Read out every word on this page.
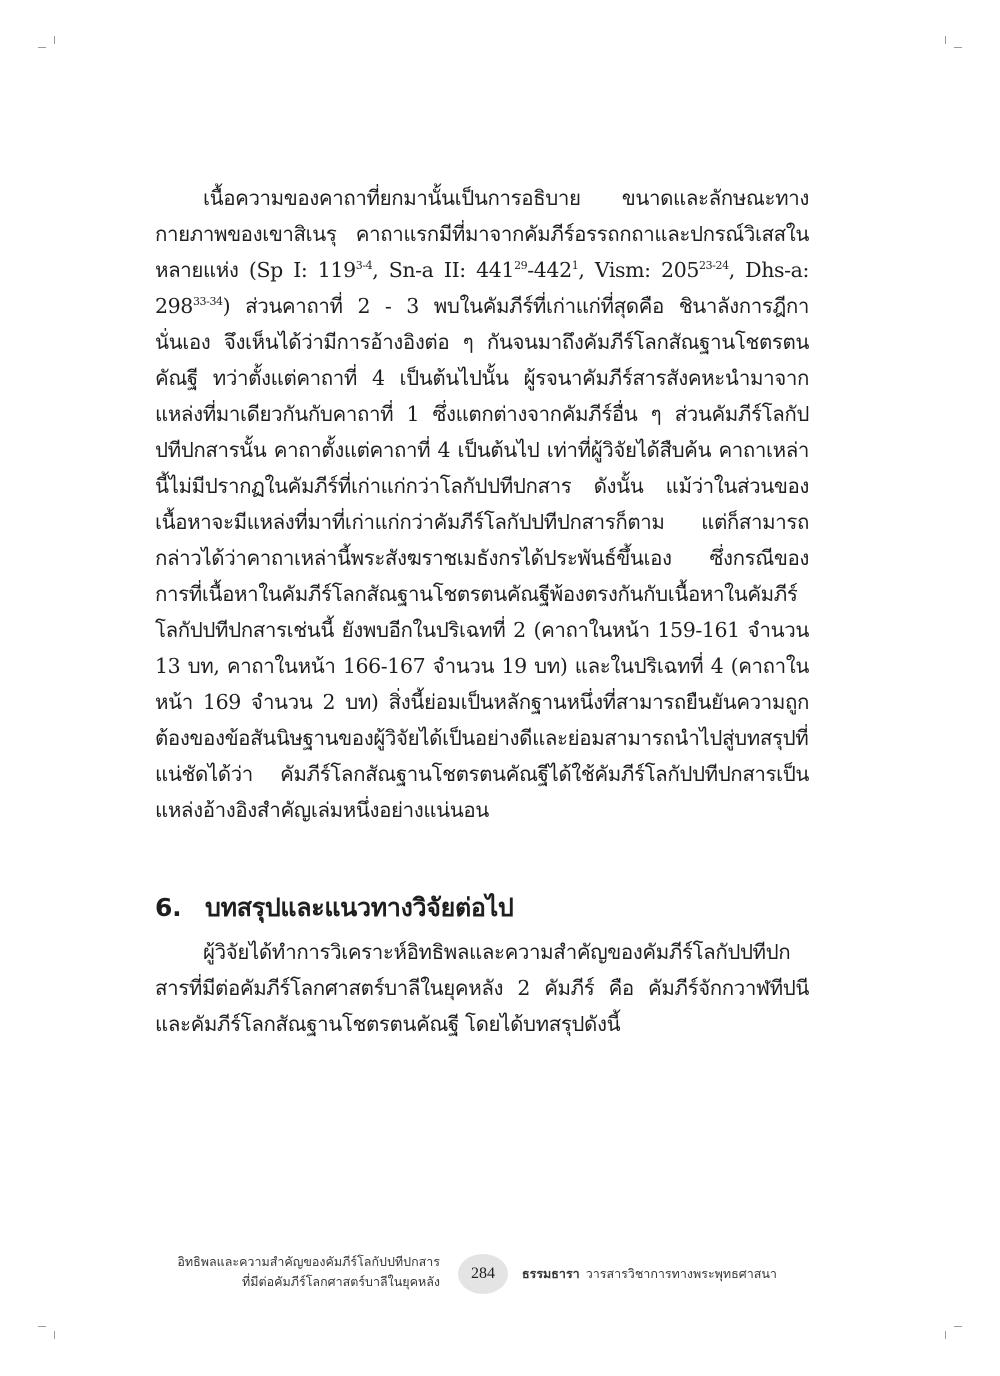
เนื้อความของคาถาที่ยกมานั้นเป็นการอธิบาย ขนาดและลักษณะทางกายภาพของเขาสิเนรุ คาถาแรกมีที่มาจากคัมภีร์อรรถกถาและปกรณ์วิเสสในหลายแห่ง (Sp I: 119$^{3-4}$, Sn-a II: $441^{29}-442^1$, Vism: 205$^{23-24}$, Dhs-a: 298$^{33-34}$) ส่วนคาถาที่ 2 - 3 พบในคัมภีร์ที่เก่าแก่ที่สุดคือ ชินาลังการฎีกา นั่นเอง จึงเห็นได้ว่ามีการอ้างอิงต่อ ๆ กันจนมาถึงคัมภีร์โลกสัณฐานโชตรตนคัณฐี ทว่าตั้งแต่คาถาที่ 4 เป็นต้นไปนั้น ผู้รจนาคัมภีร์สารสังคหะนำมาจากแหล่งที่มาเดียวกันกับคาถาที่ 1 ซึ่งแตกต่างจากคัมภีร์อื่น ๆ ส่วนคัมภีร์โลกัปปทีปกสารนั้น คาถาตั้งแต่คาถาที่ 4 เป็นต้นไป เท่าที่ผู้วิจัยได้สืบค้น คาถาเหล่านี้ไม่มีปรากฏในคัมภีร์ที่เก่าแก่กว่าโลกัปปทีปกสาร ดังนั้น แม้ว่าในส่วนของเนื้อหาจะมีแหล่งที่มาที่เก่าแก่กว่าคัมภีร์โลกัปปทีปกสารก็ตาม แต่ก็สามารถกล่าวได้ว่าคาถาเหล่านี้พระสังฆราชเมธังกรได้ประพันธ์ขึ้นเอง ซึ่งกรณีของการที่เนื้อหาในคัมภีร์โลกสัณฐานโชตรตนคัณฐีพ้องตรงกันกับเนื้อหาในคัมภีร์โลกัปปทีปกสารเช่นนี้ ยังพบอีกในปริเฉทที่ 2 (คาถาในหน้า 159-161 จำนวน 13 บท, คาถาในหน้า 166-167 จำนวน 19 บท) และในปริเฉทที่ 4 (คาถาในหน้า 169 จำนวน 2 บท) สิ่งนี้ย่อมเป็นหลักฐานหนึ่งที่สามารถยืนยันความถูกต้องของข้อสันนิษฐานของผู้วิจัยได้เป็นอย่างดีและย่อมสามารถนำไปสู่บทสรุปที่แน่ชัดได้ว่า คัมภีร์โลกสัณฐานโชตรตนคัณฐีได้ใช้คัมภีร์โลกัปปทีปกสารเป็นแหล่งอ้างอิงสำคัญเล่มหนึ่งอย่างแน่นอน

6. บทสรุปและแนวทางวิจัยต่อไป

ผู้วิจัยได้ทำการวิเคราะห์อิทธิพลและความสำคัญของคัมภีร์โลกัปปทีปกสารที่มีต่อคัมภีร์โลกศาสตร์บาลีในยุคหลัง 2 คัมภีร์ คือ คัมภีร์จักกวาฬทีปนี และคัมภีร์โลกสัณฐานโชตรตนคัณฐี โดยได้บทสรุปดังนี้

อิทธิพลและความสำคัญของคัมภีร์โลกัปปทีปกสาร
ที่มีต่อคัมภีร์โลกศาสตร์บาลีในยุคหลัง	284	ธรรมธารา วารสารวิชาการทางพระพุทธศาสนา
